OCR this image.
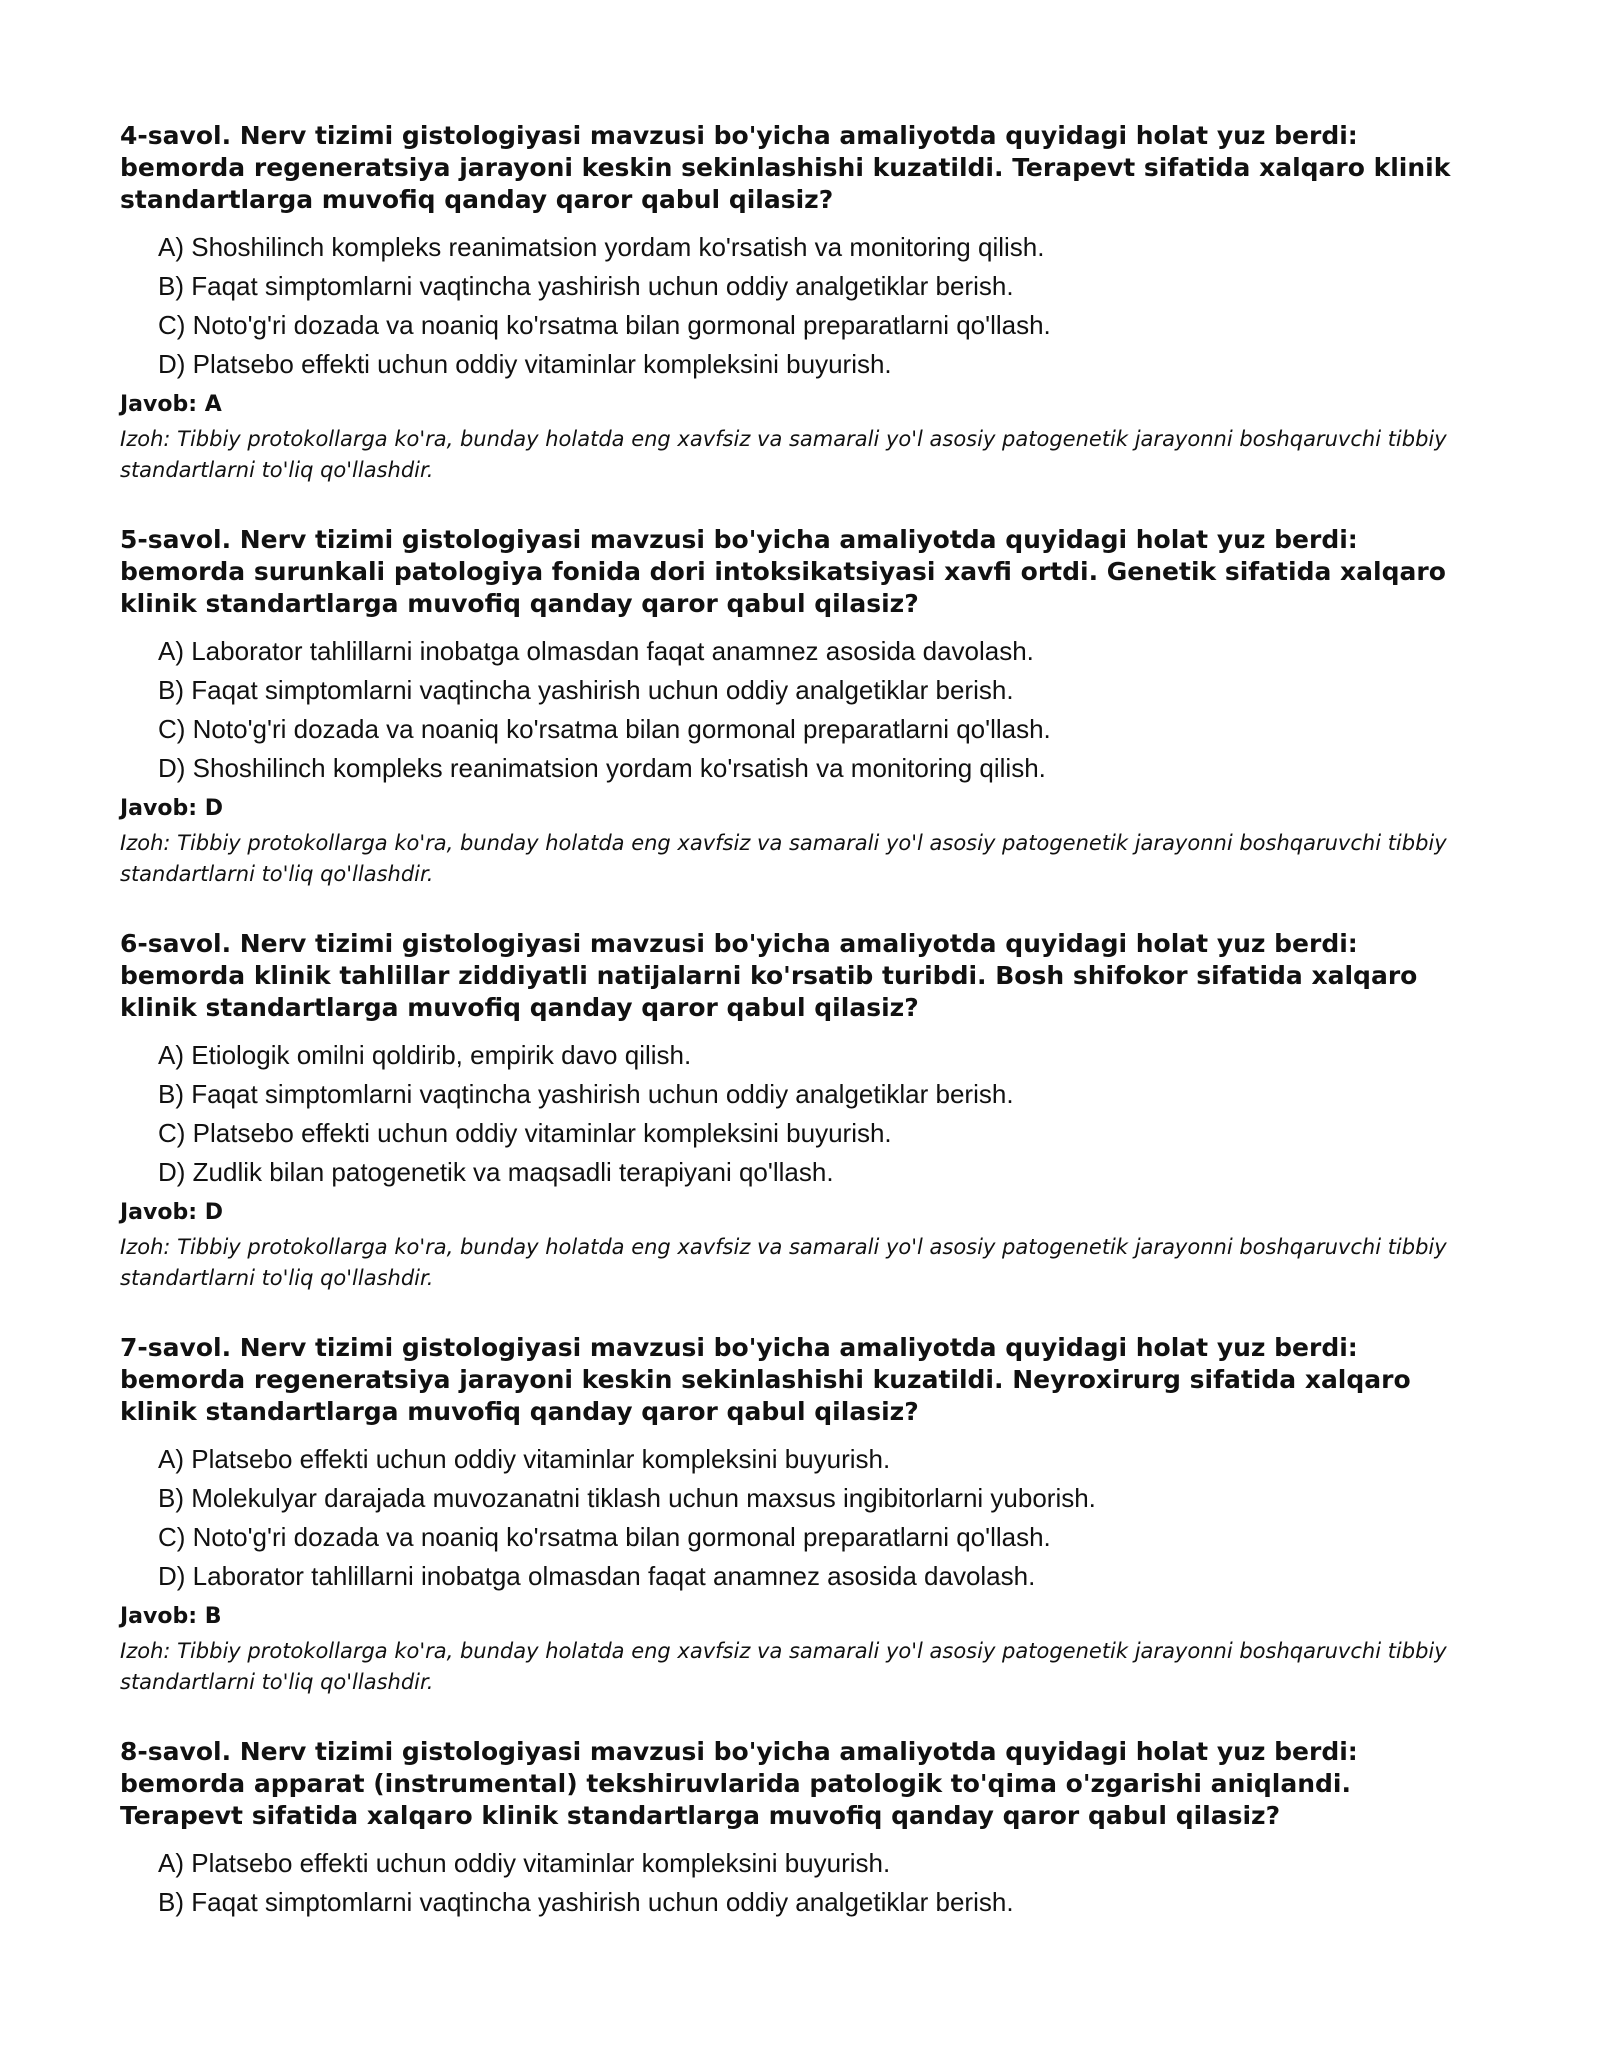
4-savol. Nerv tizimi gistologiyasi mavzusi bo'yicha amaliyotda quyidagi holat yuz berdi: bemorda regeneratsiya jarayoni keskin sekinlashishi kuzatildi. Terapevt sifatida xalqaro klinik standartlarga muvofiq qanday qaror qabul qilasiz?

A) Shoshilinch kompleks reanimatsion yordam ko'rsatish va monitoring qilish.
B) Faqat simptomlarni vaqtincha yashirish uchun oddiy analgetiklar berish.
C) Noto'g'ri dozada va noaniq ko'rsatma bilan gormonal preparatlarni qo'llash.
D) Platsebo effekti uchun oddiy vitaminlar kompleksini buyurish.

Javob: A

Izoh: Tibbiy protokollarga ko'ra, bunday holatda eng xavfsiz va samarali yo'l asosiy patogenetik jarayonni boshqaruvchi tibbiy standartlarni to'liq qo'llashdir.

5-savol. Nerv tizimi gistologiyasi mavzusi bo'yicha amaliyotda quyidagi holat yuz berdi: bemorda surunkali patologiya fonida dori intoksikatsiyasi xavfi ortdi. Genetik sifatida xalqaro klinik standartlarga muvofiq qanday qaror qabul qilasiz?

A) Laborator tahlillarni inobatga olmasdan faqat anamnez asosida davolash.
B) Faqat simptomlarni vaqtincha yashirish uchun oddiy analgetiklar berish.
C) Noto'g'ri dozada va noaniq ko'rsatma bilan gormonal preparatlarni qo'llash.
D) Shoshilinch kompleks reanimatsion yordam ko'rsatish va monitoring qilish.

Javob: D

Izoh: Tibbiy protokollarga ko'ra, bunday holatda eng xavfsiz va samarali yo'l asosiy patogenetik jarayonni boshqaruvchi tibbiy standartlarni to'liq qo'llashdir.

6-savol. Nerv tizimi gistologiyasi mavzusi bo'yicha amaliyotda quyidagi holat yuz berdi: bemorda klinik tahlillar ziddiyatli natijalarni ko'rsatib turibdi. Bosh shifokor sifatida xalqaro klinik standartlarga muvofiq qanday qaror qabul qilasiz?

A) Etiologik omilni qoldirib, empirik davo qilish.
B) Faqat simptomlarni vaqtincha yashirish uchun oddiy analgetiklar berish.
C) Platsebo effekti uchun oddiy vitaminlar kompleksini buyurish.
D) Zudlik bilan patogenetik va maqsadli terapiyani qo'llash.

Javob: D

Izoh: Tibbiy protokollarga ko'ra, bunday holatda eng xavfsiz va samarali yo'l asosiy patogenetik jarayonni boshqaruvchi tibbiy standartlarni to'liq qo'llashdir.

7-savol. Nerv tizimi gistologiyasi mavzusi bo'yicha amaliyotda quyidagi holat yuz berdi: bemorda regeneratsiya jarayoni keskin sekinlashishi kuzatildi. Neyroxirurg sifatida xalqaro klinik standartlarga muvofiq qanday qaror qabul qilasiz?

A) Platsebo effekti uchun oddiy vitaminlar kompleksini buyurish.
B) Molekulyar darajada muvozanatni tiklash uchun maxsus ingibitorlarni yuborish.
C) Noto'g'ri dozada va noaniq ko'rsatma bilan gormonal preparatlarni qo'llash.
D) Laborator tahlillarni inobatga olmasdan faqat anamnez asosida davolash.

Javob: B

Izoh: Tibbiy protokollarga ko'ra, bunday holatda eng xavfsiz va samarali yo'l asosiy patogenetik jarayonni boshqaruvchi tibbiy standartlarni to'liq qo'llashdir.

8-savol. Nerv tizimi gistologiyasi mavzusi bo'yicha amaliyotda quyidagi holat yuz berdi: bemorda apparat (instrumental) tekshiruvlarida patologik to'qima o'zgarishi aniqlandi. Terapevt sifatida xalqaro klinik standartlarga muvofiq qanday qaror qabul qilasiz?

A) Platsebo effekti uchun oddiy vitaminlar kompleksini buyurish.
B) Faqat simptomlarni vaqtincha yashirish uchun oddiy analgetiklar berish.
